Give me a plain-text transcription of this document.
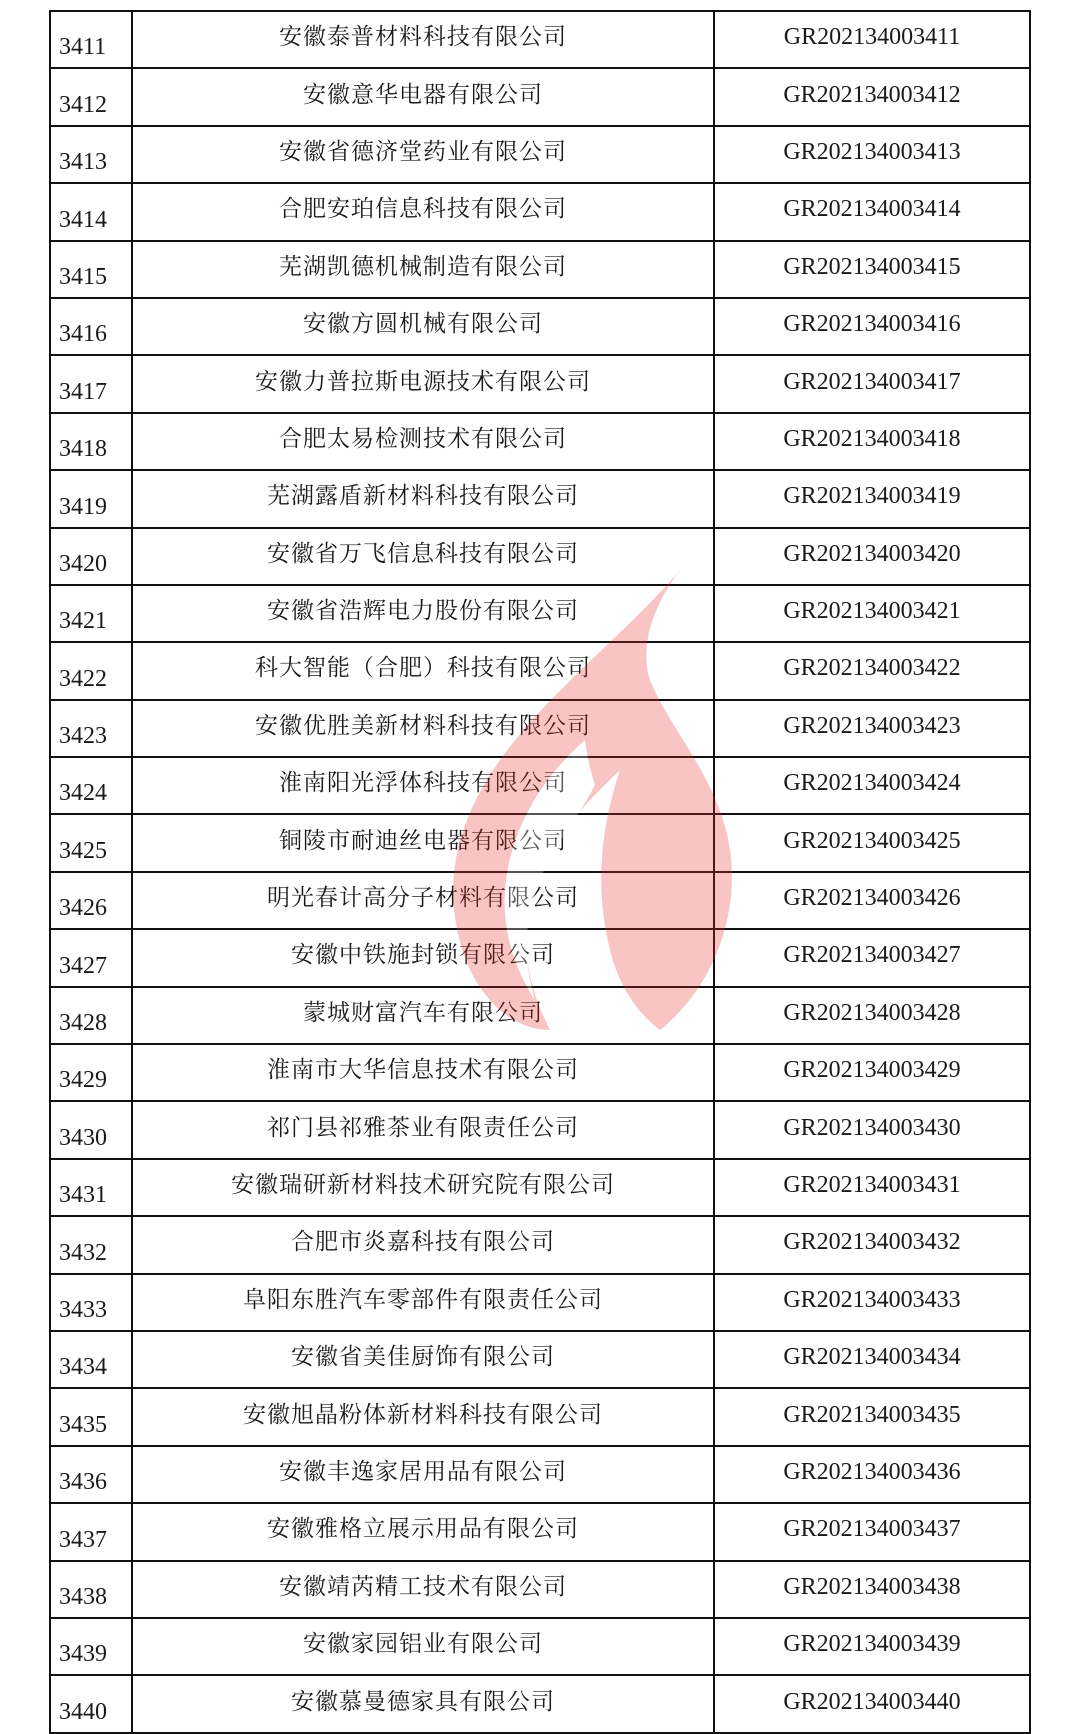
3411	安徽泰普材料科技有限公司	GR202134003411
3412	安徽意华电器有限公司	GR202134003412
3413	安徽省德济堂药业有限公司	GR202134003413
3414	合肥安珀信息科技有限公司	GR202134003414
3415	芜湖凯德机械制造有限公司	GR202134003415
3416	安徽方圆机械有限公司	GR202134003416
3417	安徽力普拉斯电源技术有限公司	GR202134003417
3418	合肥太易检测技术有限公司	GR202134003418
3419	芜湖露盾新材料科技有限公司	GR202134003419
3420	安徽省万飞信息科技有限公司	GR202134003420
3421	安徽省浩辉电力股份有限公司	GR202134003421
3422	科大智能（合肥）科技有限公司	GR202134003422
3423	安徽优胜美新材料科技有限公司	GR202134003423
3424	淮南阳光浮体科技有限公司	GR202134003424
3425	铜陵市耐迪丝电器有限公司	GR202134003425
3426	明光春计高分子材料有限公司	GR202134003426
3427	安徽中铁施封锁有限公司	GR202134003427
3428	蒙城财富汽车有限公司	GR202134003428
3429	淮南市大华信息技术有限公司	GR202134003429
3430	祁门县祁雅茶业有限责任公司	GR202134003430
3431	安徽瑞研新材料技术研究院有限公司	GR202134003431
3432	合肥市炎嘉科技有限公司	GR202134003432
3433	阜阳东胜汽车零部件有限责任公司	GR202134003433
3434	安徽省美佳厨饰有限公司	GR202134003434
3435	安徽旭晶粉体新材料科技有限公司	GR202134003435
3436	安徽丰逸家居用品有限公司	GR202134003436
3437	安徽雅格立展示用品有限公司	GR202134003437
3438	安徽靖芮精工技术有限公司	GR202134003438
3439	安徽家园铝业有限公司	GR202134003439
3440	安徽慕曼德家具有限公司	GR202134003440
